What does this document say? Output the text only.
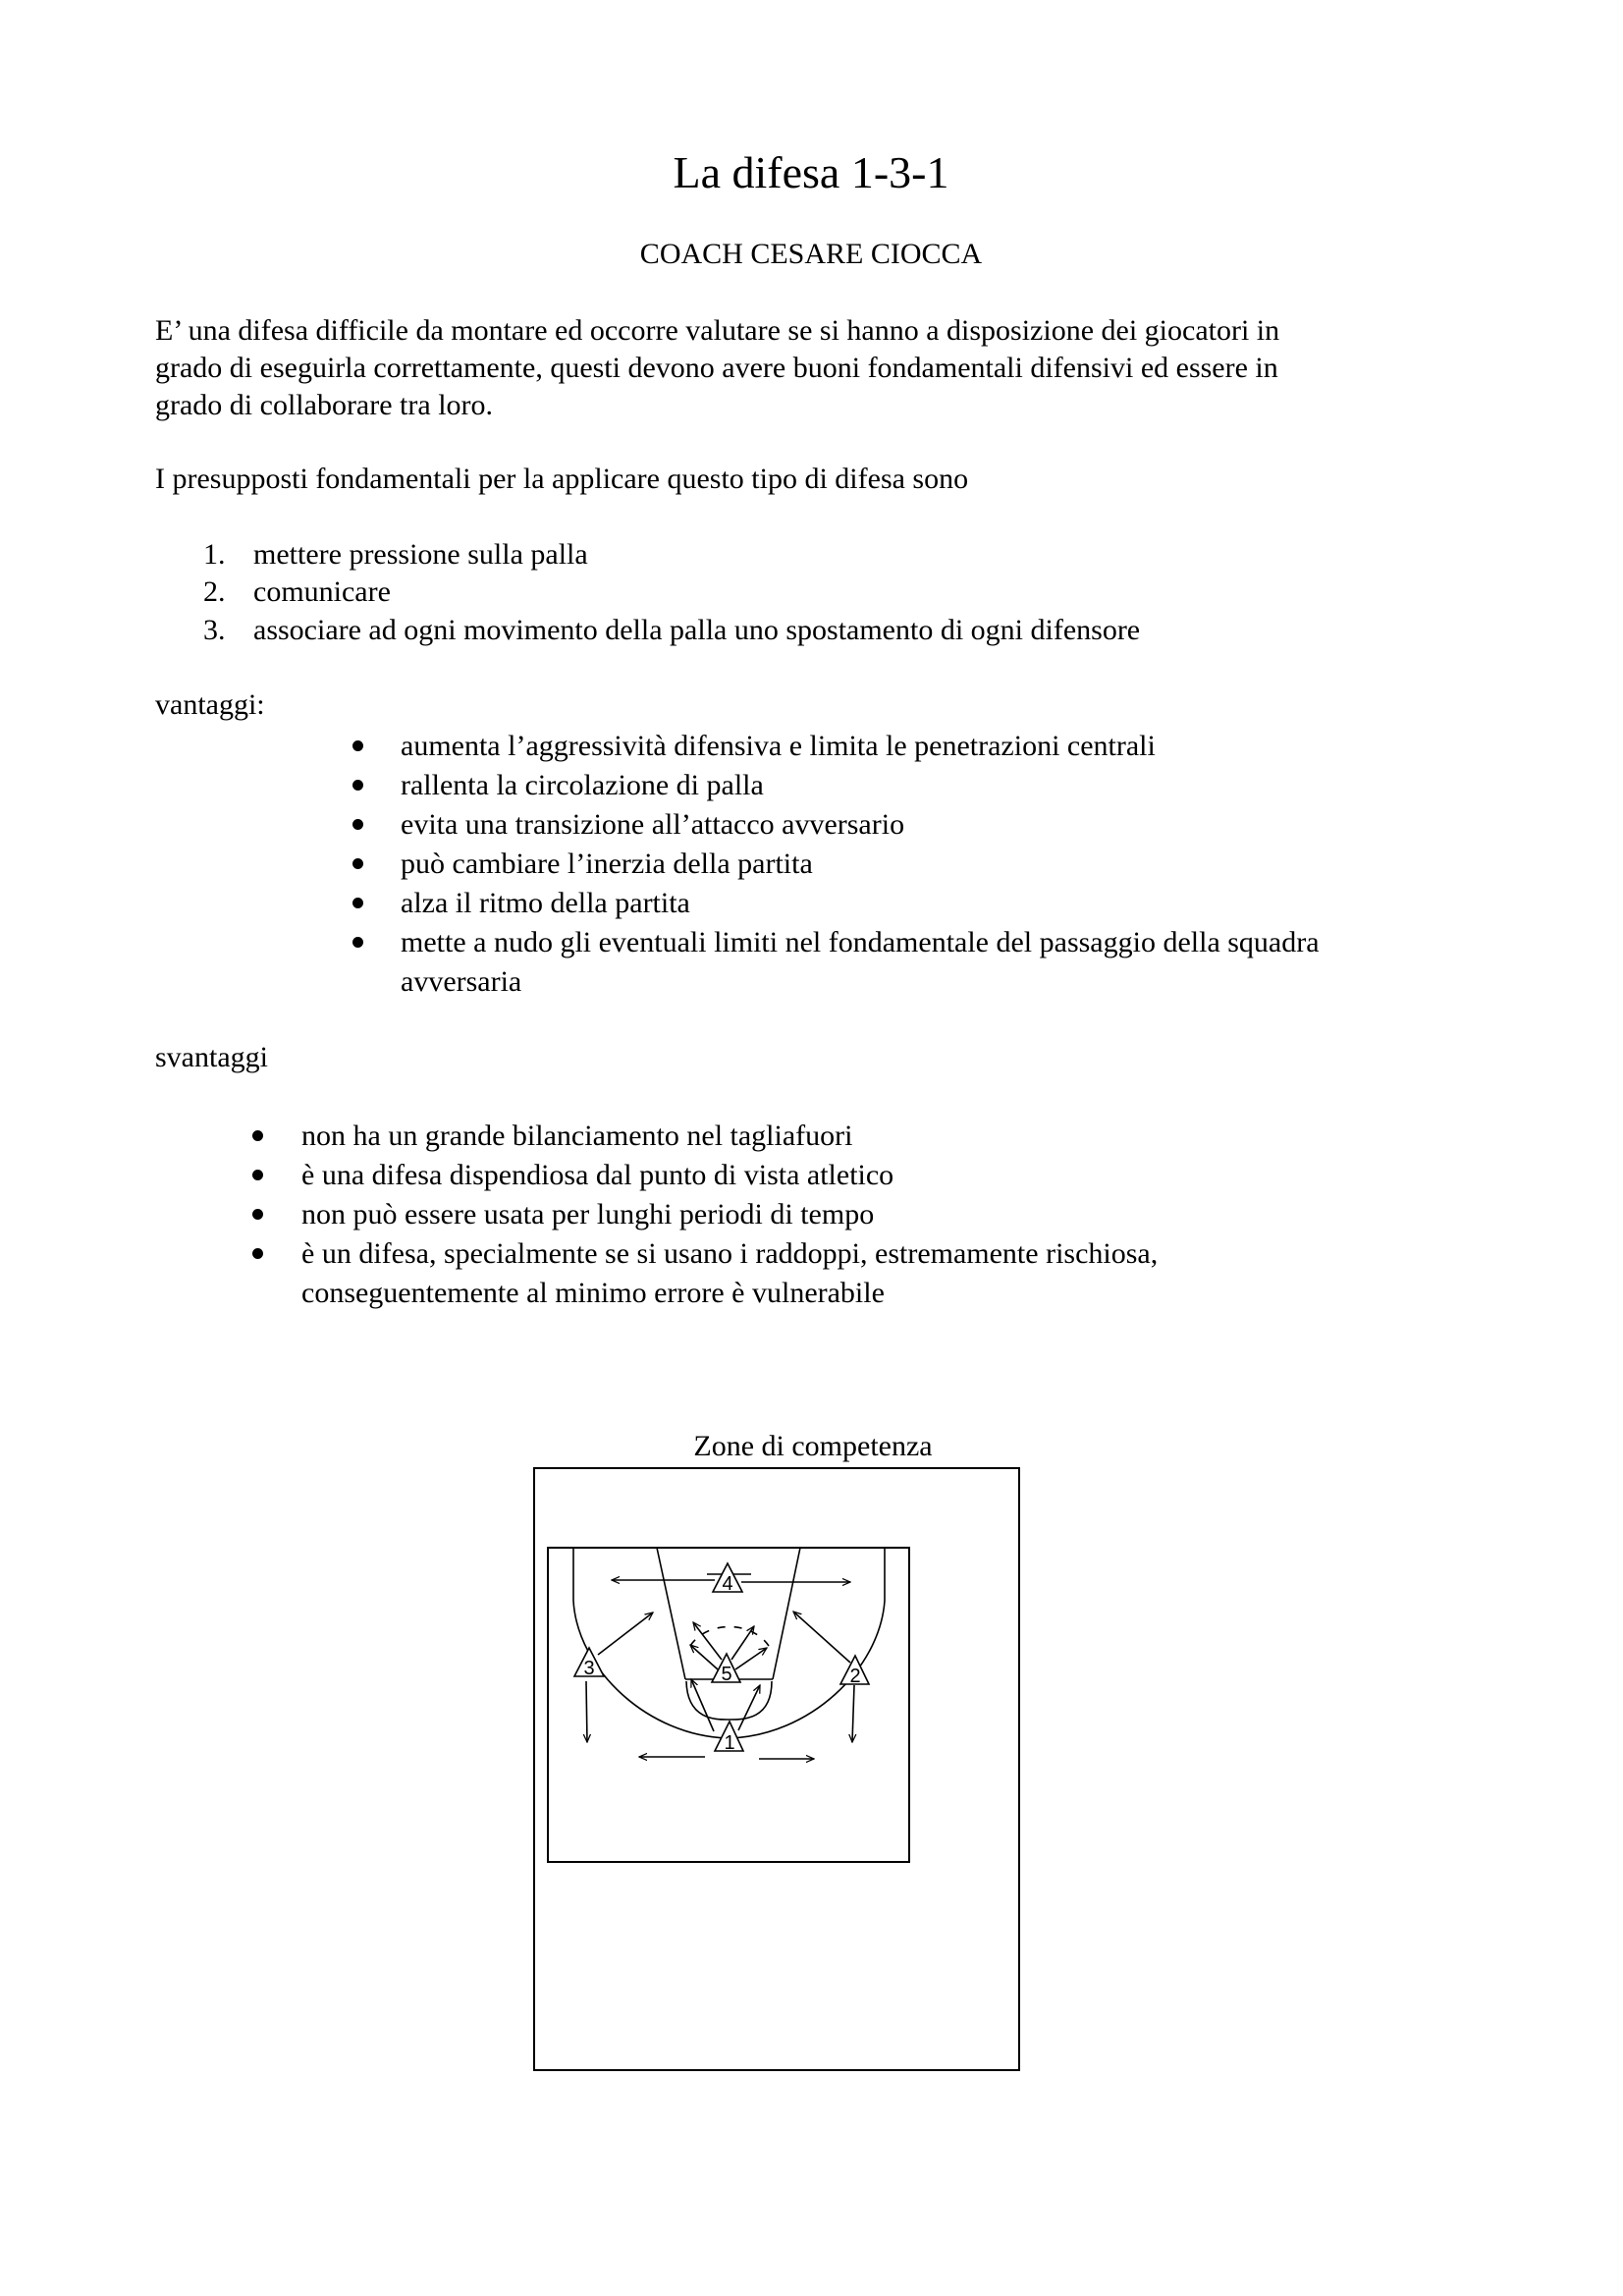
La difesa 1-3-1
COACH CESARE CIOCCA
E’ una difesa difficile da montare ed occorre valutare se si hanno a disposizione dei giocatori in
grado di eseguirla correttamente, questi devono avere buoni fondamentali difensivi ed essere in
grado di collaborare tra loro.
I presupposti fondamentali per la applicare questo tipo di difesa sono
1. mettere pressione sulla palla
2. comunicare
3. associare ad ogni movimento della palla uno spostamento di ogni difensore
vantaggi:
aumenta l’aggressività difensiva e limita le penetrazioni centrali
rallenta la circolazione di palla
evita una transizione all’attacco avversario
può cambiare l’inerzia della partita
alza il ritmo della partita
mette a nudo gli eventuali limiti nel fondamentale del passaggio della squadra
avversaria
svantaggi
non ha un grande bilanciamento nel tagliafuori
è una difesa dispendiosa dal punto di vista atletico
non può essere usata per lunghi periodi di tempo
è un difesa, specialmente se si usano i raddoppi, estremamente rischiosa,
conseguentemente al minimo errore è vulnerabile
Zone di competenza
1
2
3
4
5
